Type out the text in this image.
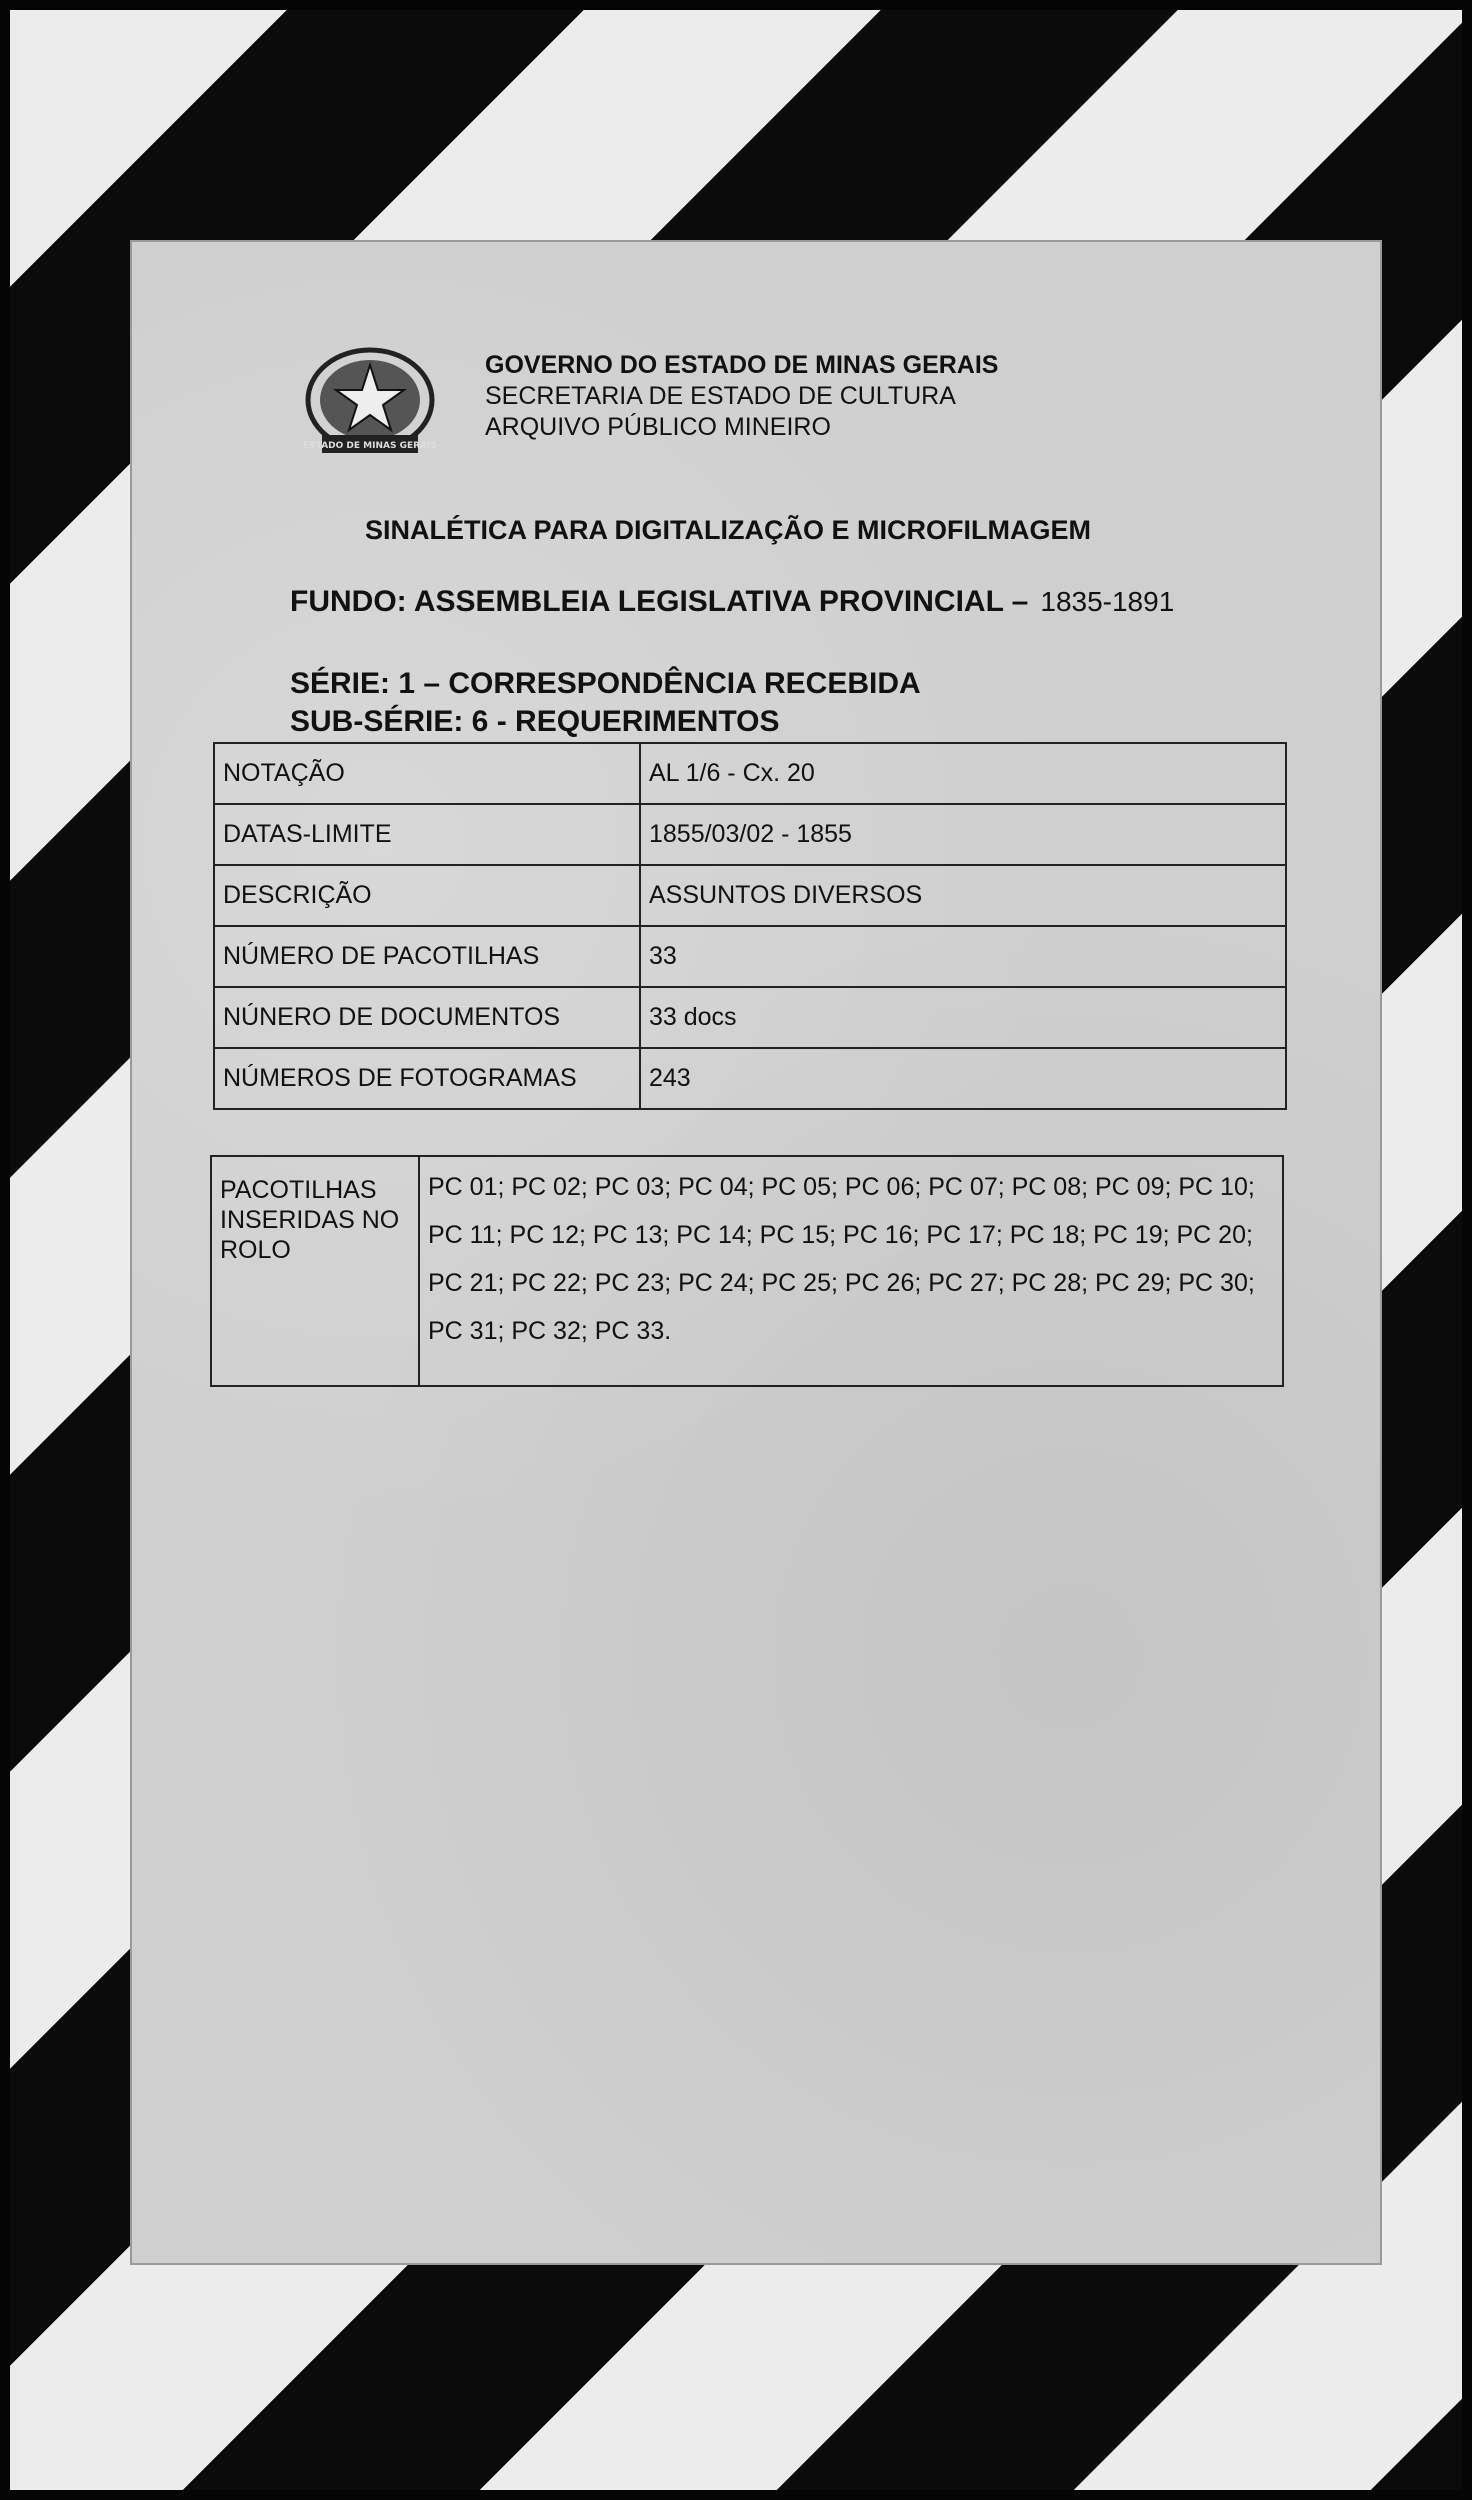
ESTADO DE MINAS GERAIS
GOVERNO DO ESTADO DE MINAS GERAIS
SECRETARIA DE ESTADO DE CULTURA
ARQUIVO PÚBLICO MINEIRO
SINALÉTICA PARA DIGITALIZAÇÃO E MICROFILMAGEM
FUNDO: ASSEMBLEIA LEGISLATIVA PROVINCIAL – 1835-1891
SÉRIE: 1 – CORRESPONDÊNCIA RECEBIDA
SUB-SÉRIE: 6 - REQUERIMENTOS
NOTAÇÃO	AL 1/6 - Cx. 20
DATAS-LIMITE	1855/03/02 - 1855
DESCRIÇÃO	ASSUNTOS DIVERSOS
NÚMERO DE PACOTILHAS	33
NÚNERO DE DOCUMENTOS	33 docs
NÚMEROS DE FOTOGRAMAS	243
PACOTILHAS
INSERIDAS NO
ROLO

PC 01; PC 02; PC 03; PC 04; PC 05; PC 06; PC 07; PC 08; PC 09; PC 10;
PC 11; PC 12; PC 13; PC 14; PC 15; PC 16; PC 17; PC 18; PC 19; PC 20;
PC 21; PC 22; PC 23; PC 24; PC 25; PC 26; PC 27; PC 28; PC 29; PC 30;
PC 31; PC 32; PC 33.
